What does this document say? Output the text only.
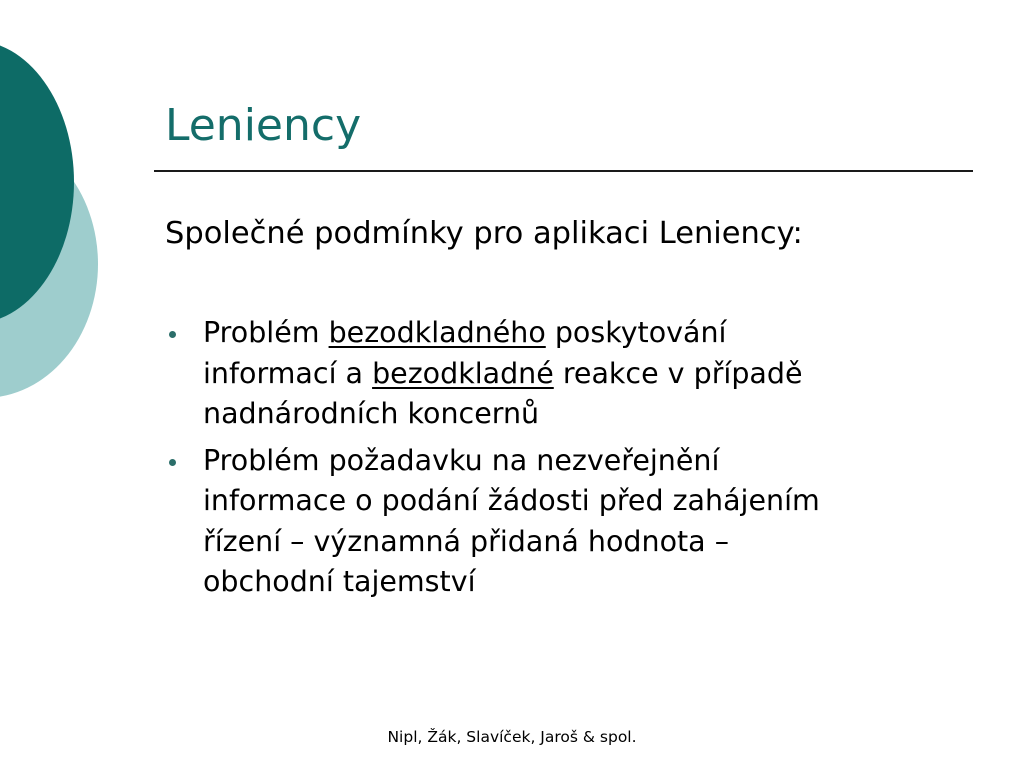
Leniency

Společné podmínky pro aplikaci Leniency:

Problém bezodkladného poskytování
informací a bezodkladné reakce v případě
nadnárodních koncernů
Problém požadavku na nezveřejnění
informace o podání žádosti před zahájením
řízení – významná přidaná hodnota –
obchodní tajemství
Nipl, Žák, Slavíček, Jaroš & spol.
